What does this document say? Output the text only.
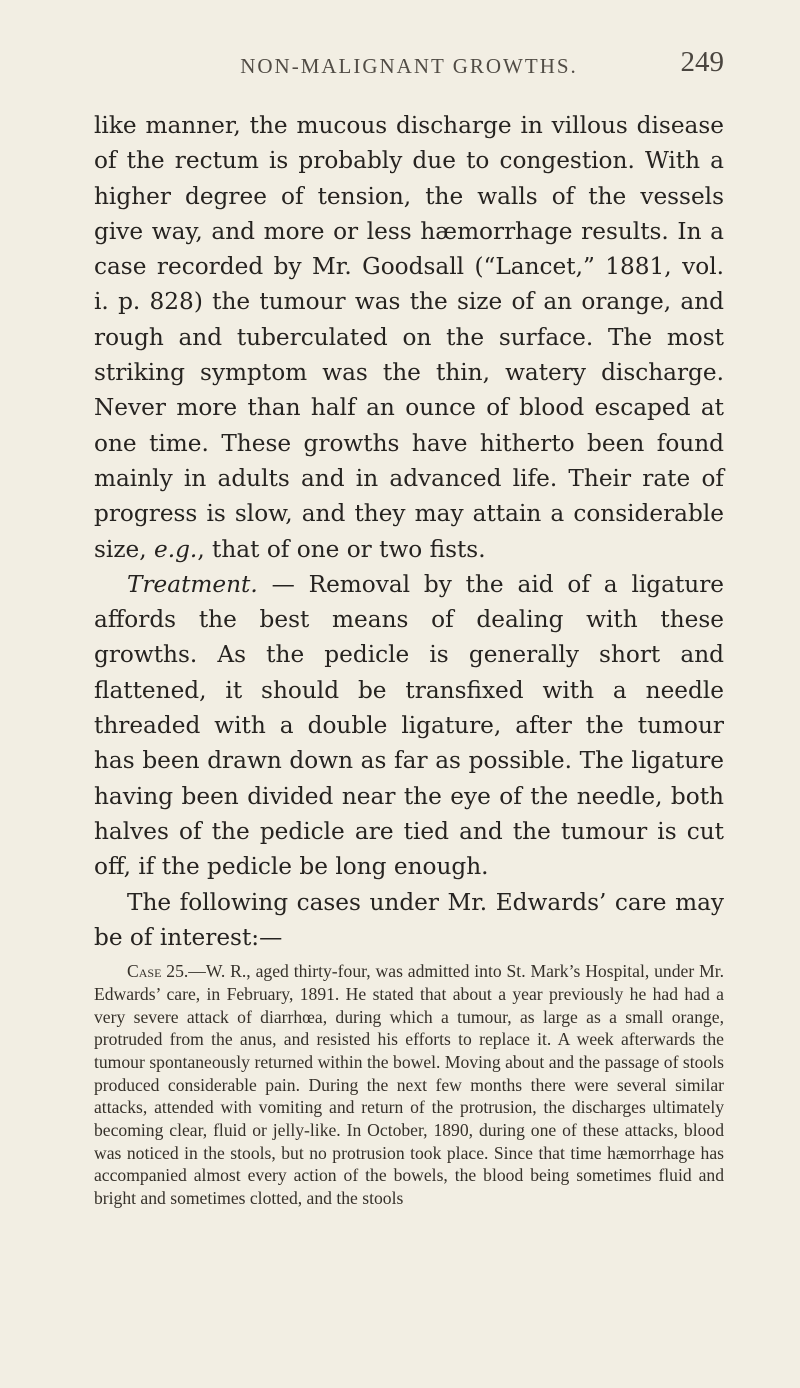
NON-MALIGNANT GROWTHS.	249

like manner, the mucous discharge in villous disease of the rectum is probably due to congestion. With a higher degree of tension, the walls of the vessels give way, and more or less hæmorrhage results. In a case recorded by Mr. Goodsall (“Lancet,” 1881, vol. i. p. 828) the tumour was the size of an orange, and rough and tuberculated on the surface. The most striking symptom was the thin, watery discharge. Never more than half an ounce of blood escaped at one time. These growths have hitherto been found mainly in adults and in advanced life. Their rate of progress is slow, and they may attain a considerable size, e.g., that of one or two fists.

Treatment. — Removal by the aid of a ligature affords the best means of dealing with these growths. As the pedicle is generally short and flattened, it should be transfixed with a needle threaded with a double ligature, after the tumour has been drawn down as far as possible. The ligature having been divided near the eye of the needle, both halves of the pedicle are tied and the tumour is cut off, if the pedicle be long enough.

The following cases under Mr. Edwards’ care may be of interest:—

Case 25.—W. R., aged thirty-four, was admitted into St. Mark’s Hospital, under Mr. Edwards’ care, in February, 1891. He stated that about a year previously he had had a very severe attack of diarrhœa, during which a tumour, as large as a small orange, protruded from the anus, and resisted his efforts to replace it. A week afterwards the tumour spontaneously returned within the bowel. Moving about and the passage of stools produced considerable pain. During the next few months there were several similar attacks, attended with vomiting and return of the protrusion, the discharges ultimately becoming clear, fluid or jelly-like. In October, 1890, during one of these attacks, blood was noticed in the stools, but no protrusion took place. Since that time hæmorrhage has accompanied almost every action of the bowels, the blood being sometimes fluid and bright and sometimes clotted, and the stools
